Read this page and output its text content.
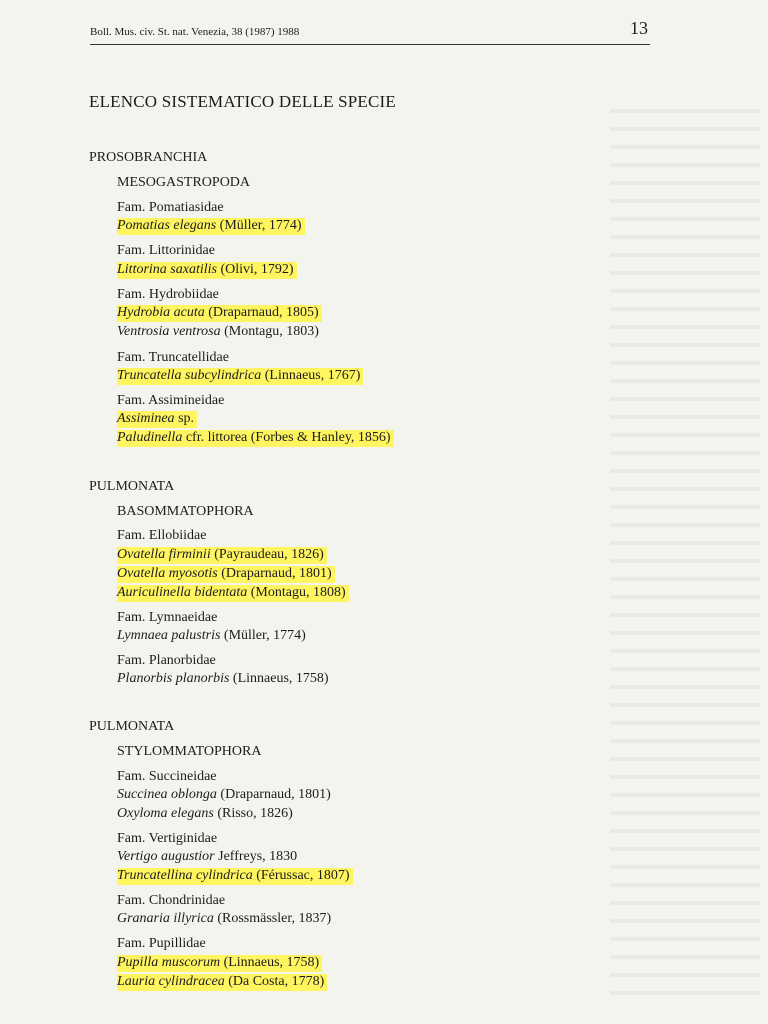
Boll. Mus. civ. St. nat. Venezia, 38 (1987) 1988	13
ELENCO SISTEMATICO DELLE SPECIE
PROSOBRANCHIA
MESOGASTROPODA
Fam. Pomatiasidae
Pomatias elegans (Müller, 1774)
Fam. Littorinidae
Littorina saxatilis (Olivi, 1792)
Fam. Hydrobiidae
Hydrobia acuta (Draparnaud, 1805)
Ventrosia ventrosa (Montagu, 1803)
Fam. Truncatellidae
Truncatella subcylindrica (Linnaeus, 1767)
Fam. Assimineidae
Assiminea sp.
Paludinella cfr. littorea (Forbes & Hanley, 1856)
PULMONATA
BASOMMATOPHORA
Fam. Ellobiidae
Ovatella firminii (Payraudeau, 1826)
Ovatella myosotis (Draparnaud, 1801)
Auriculinella bidentata (Montagu, 1808)
Fam. Lymnaeidae
Lymnaea palustris (Müller, 1774)
Fam. Planorbidae
Planorbis planorbis (Linnaeus, 1758)
PULMONATA
STYLOMMATOPHORA
Fam. Succineidae
Succinea oblonga (Draparnaud, 1801)
Oxyloma elegans (Risso, 1826)
Fam. Vertiginidae
Vertigo augustior Jeffreys, 1830
Truncatellina cylindrica (Férussac, 1807)
Fam. Chondrinidae
Granaria illyrica (Rossmässler, 1837)
Fam. Pupillidae
Pupilla muscorum (Linnaeus, 1758)
Lauria cylindracea (Da Costa, 1778)
